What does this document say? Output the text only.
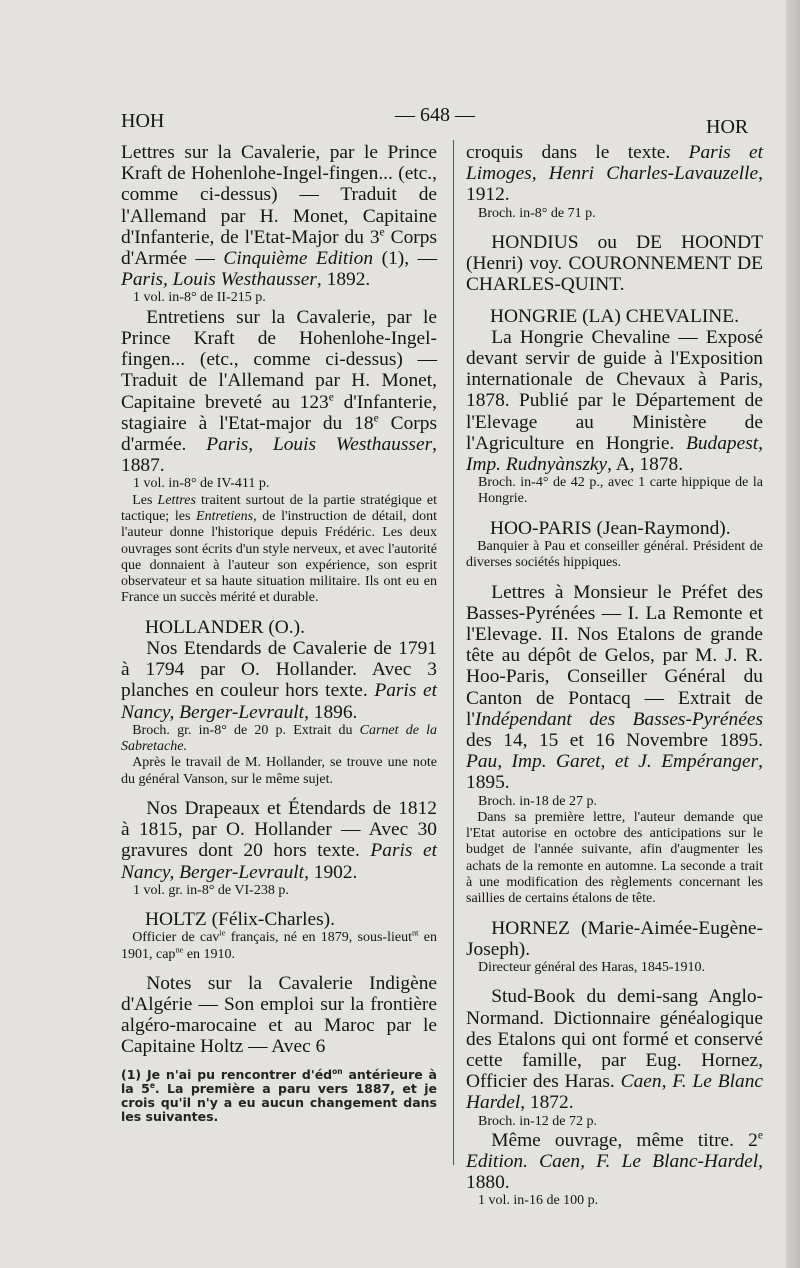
HOH	— 648 —
HOR

Lettres sur la Cavalerie, par le Prince Kraft de Hohenlohe-Ingel-fingen... (etc., comme ci-dessus) — Traduit de l'Allemand par H. Monet, Capitaine d'Infanterie, de l'Etat-Major du 3e Corps d'Armée — Cinquième Edition (1), — Paris, Louis Westhausser, 1892.

1 vol. in-8° de II-215 p.

Entretiens sur la Cavalerie, par le Prince Kraft de Hohenlohe-Ingel-fingen... (etc., comme ci-dessus) — Traduit de l'Allemand par H. Monet, Capitaine breveté au 123e d'Infanterie, stagiaire à l'Etat-major du 18e Corps d'armée. Paris, Louis Westhausser, 1887.

1 vol. in-8° de IV-411 p.

Les Lettres traitent surtout de la partie stratégique et tactique; les Entretiens, de l'instruction de détail, dont l'auteur donne l'historique depuis Frédéric. Les deux ouvrages sont écrits d'un style nerveux, et avec l'autorité que donnaient à l'auteur son expérience, son esprit observateur et sa haute situation militaire. Ils ont eu en France un succès mérité et durable.

HOLLANDER (O.).

Nos Etendards de Cavalerie de 1791 à 1794 par O. Hollander. Avec 3 planches en couleur hors texte. Paris et Nancy, Berger-Levrault, 1896.

Broch. gr. in-8° de 20 p. Extrait du Carnet de la Sabretache.

Après le travail de M. Hollander, se trouve une note du général Vanson, sur le même sujet.

Nos Drapeaux et Étendards de 1812 à 1815, par O. Hollander — Avec 30 gravures dont 20 hors texte. Paris et Nancy, Berger-Levrault, 1902.

1 vol. gr. in-8° de VI-238 p.

HOLTZ (Félix-Charles).

Officier de cav$^{ie}$ français, né en 1879, sous-lieut$^{nt}$ en 1901, cap$^{ne}$ en 1910.

Notes sur la Cavalerie Indigène d'Algérie — Son emploi sur la frontière algéro-marocaine et au Maroc par le Capitaine Holtz — Avec 6

(1) Je n'ai pu rencontrer $d'éd^{on}$ antérieure à la 5e. La première a paru vers 1887, et je crois qu'il n'y a eu aucun changement dans les suivantes.

croquis dans le texte. Paris et Limoges, Henri Charles-Lavauzelle, 1912.

Broch. in-8° de 71 p.

HONDIUS ou DE HOONDT (Henri) voy. COURONNEMENT DE CHARLES-QUINT.

HONGRIE (LA) CHEVALINE.

La Hongrie Chevaline — Exposé devant servir de guide à l'Exposition internationale de Chevaux à Paris, 1878. Publié par le Département de l'Elevage au Ministère de l'Agriculture en Hongrie. Budapest, Imp. Rudnyànszky, A, 1878.

Broch. in-4° de 42 p., avec 1 carte hippique de la Hongrie.

HOO-PARIS (Jean-Raymond).

Banquier à Pau et conseiller général. Président de diverses sociétés hippiques.

Lettres à Monsieur le Préfet des Basses-Pyrénées — I. La Remonte et l'Elevage. II. Nos Etalons de grande tête au dépôt de Gelos, par M. J. R. Hoo-Paris, Conseiller Général du Canton de Pontacq — Extrait de l'Indépendant des Basses-Pyrénées des 14, 15 et 16 Novembre 1895. Pau, Imp. Garet, et J. Empéranger, 1895.

Broch. in-18 de 27 p.

Dans sa première lettre, l'auteur demande que l'Etat autorise en octobre des anticipations sur le budget de l'année suivante, afin d'augmenter les achats de la remonte en automne. La seconde a trait à une modification des règlements concernant les saillies de certains étalons de tête.

HORNEZ (Marie-Aimée-Eugène-Joseph).

Directeur général des Haras, 1845-1910.

Stud-Book du demi-sang Anglo-Normand. Dictionnaire généalogique des Etalons qui ont formé et conservé cette famille, par Eug. Hornez, Officier des Haras. Caen, F. Le Blanc Hardel, 1872.

Broch. in-12 de 72 p.

Même ouvrage, même titre. 2e Edition. Caen, F. Le Blanc-Hardel, 1880.

1 vol. in-16 de 100 p.
